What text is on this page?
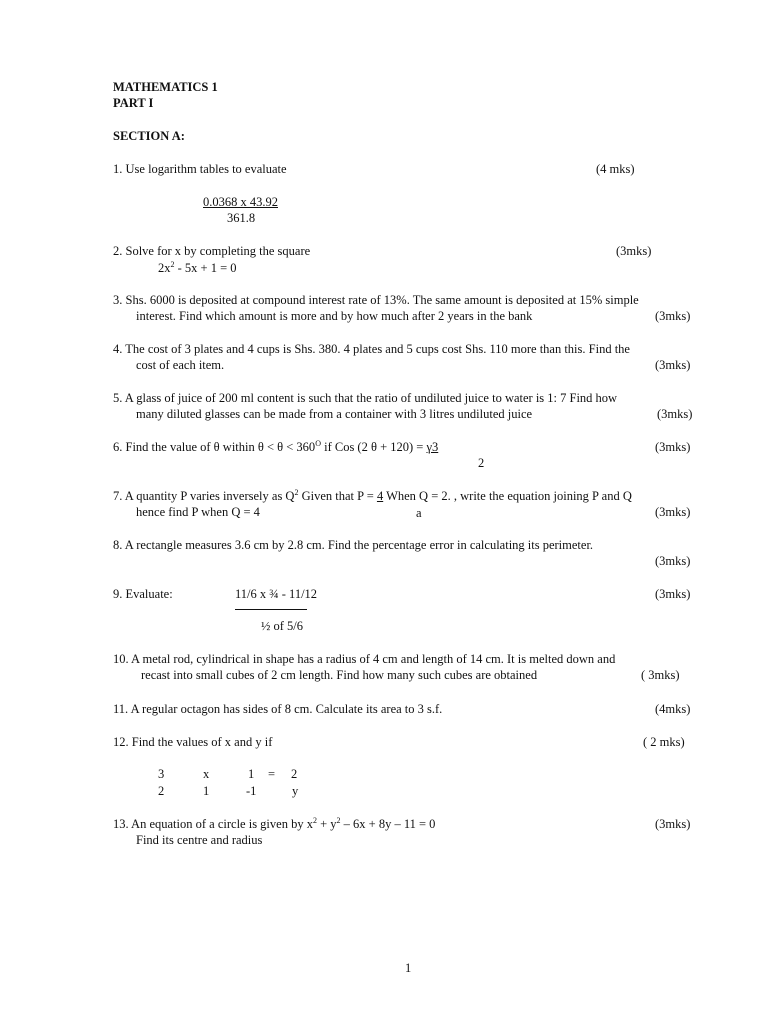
MATHEMATICS 1
PART I
SECTION A:
1. Use logarithm tables to evaluate	(4 mks)
0.0368 x 43.92
361.8
2. Solve for x by completing the square	(3mks)
$2x^2 - 5x + 1 = 0$
3. Shs. 6000 is deposited at compound interest rate of 13%. The same amount is deposited at 15% simple
interest. Find which amount is more and by how much after 2 years in the bank	(3mks)
4. The cost of 3 plates and 4 cups is Shs. 380. 4 plates and 5 cups cost Shs. 110 more than this. Find the
cost of each item.	(3mks)
5. A glass of juice of 200 ml content is such that the ratio of undiluted juice to water is 1: 7 Find how
many diluted glasses can be made from a container with 3 litres undiluted juice	(3mks)
6. Find the value of θ within $\theta < \theta < 360^O$ if Cos (2 θ + 120) = γ3
2
(3mks)
7. A quantity P varies inversely as $Q^2$ Given that P = 4 When Q = 2. , write the equation joining P and Q
hence find P when Q = 4	a	(3mks)
8. A rectangle measures 3.6 cm by 2.8 cm. Find the percentage error in calculating its perimeter.
(3mks)
9. Evaluate:	11/6 x ¾ - 11/12
½ of 5/6
(3mks)
10. A metal rod, cylindrical in shape has a radius of 4 cm and length of 14 cm. It is melted down and
recast into small cubes of 2 cm length. Find how many such cubes are obtained	( 3mks)
11. A regular octagon has sides of 8 cm. Calculate its area to 3 s.f.	(4mks)
12. Find the values of x and y if	( 2 mks)
3	x	1 = 2
2	1	-1	y
13. An equation of a circle is given by $x^2 + y^2 - 6x + 8y - 11 = 0$
Find its centre and radius
(3mks)
1
